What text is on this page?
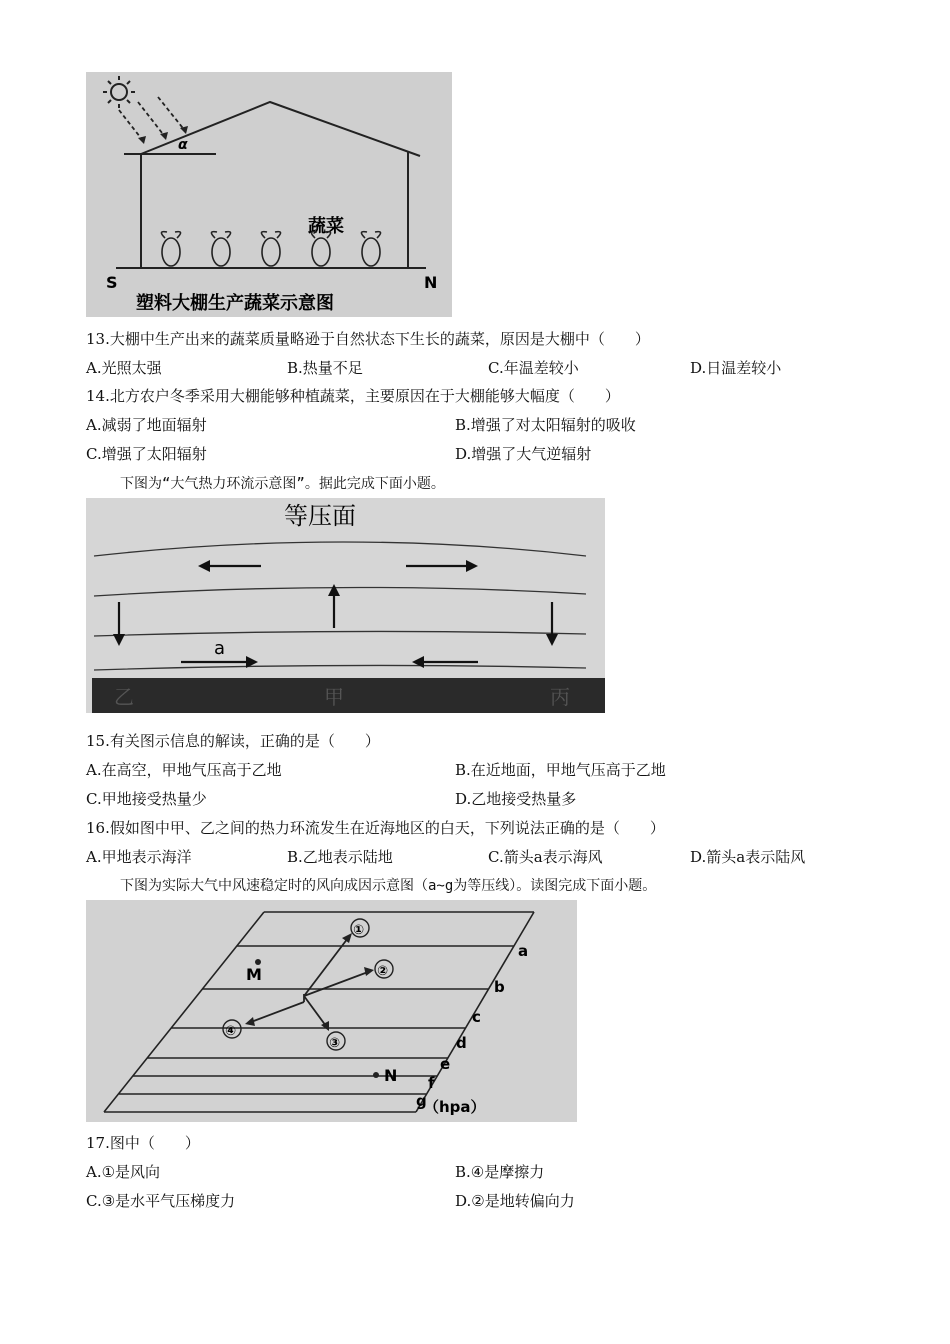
α
蔬菜
S	N
塑料大棚生产蔬菜示意图
13.大棚中生产出来的蔬菜质量略逊于自然状态下生长的蔬菜，原因是大棚中（　　）
A.光照太强	B.热量不足	C.年温差较小	D.日温差较小
14.北方农户冬季采用大棚能够种植蔬菜，主要原因在于大棚能够大幅度（　　）
A.减弱了地面辐射	B.增强了对太阳辐射的吸收
C.增强了太阳辐射	D.增强了大气逆辐射
下图为“大气热力环流示意图”。据此完成下面小题。
等压面
a
乙	甲	丙
15.有关图示信息的解读，正确的是（　　）
A.在高空，甲地气压高于乙地	B.在近地面，甲地气压高于乙地
C.甲地接受热量少	D.乙地接受热量多
16.假如图中甲、乙之间的热力环流发生在近海地区的白天，下列说法正确的是（　　）
A.甲地表示海洋	B.乙地表示陆地	C.箭头a表示海风	D.箭头a表示陆风
下图为实际大气中风速稳定时的风向成因示意图（a~g为等压线）。读图完成下面小题。
a
b
c
d
e
f
g
（hpa）
M
N
①
②
③
④
17.图中（　　）
A.①是风向	B.④是摩擦力
C.③是水平气压梯度力	D.②是地转偏向力
